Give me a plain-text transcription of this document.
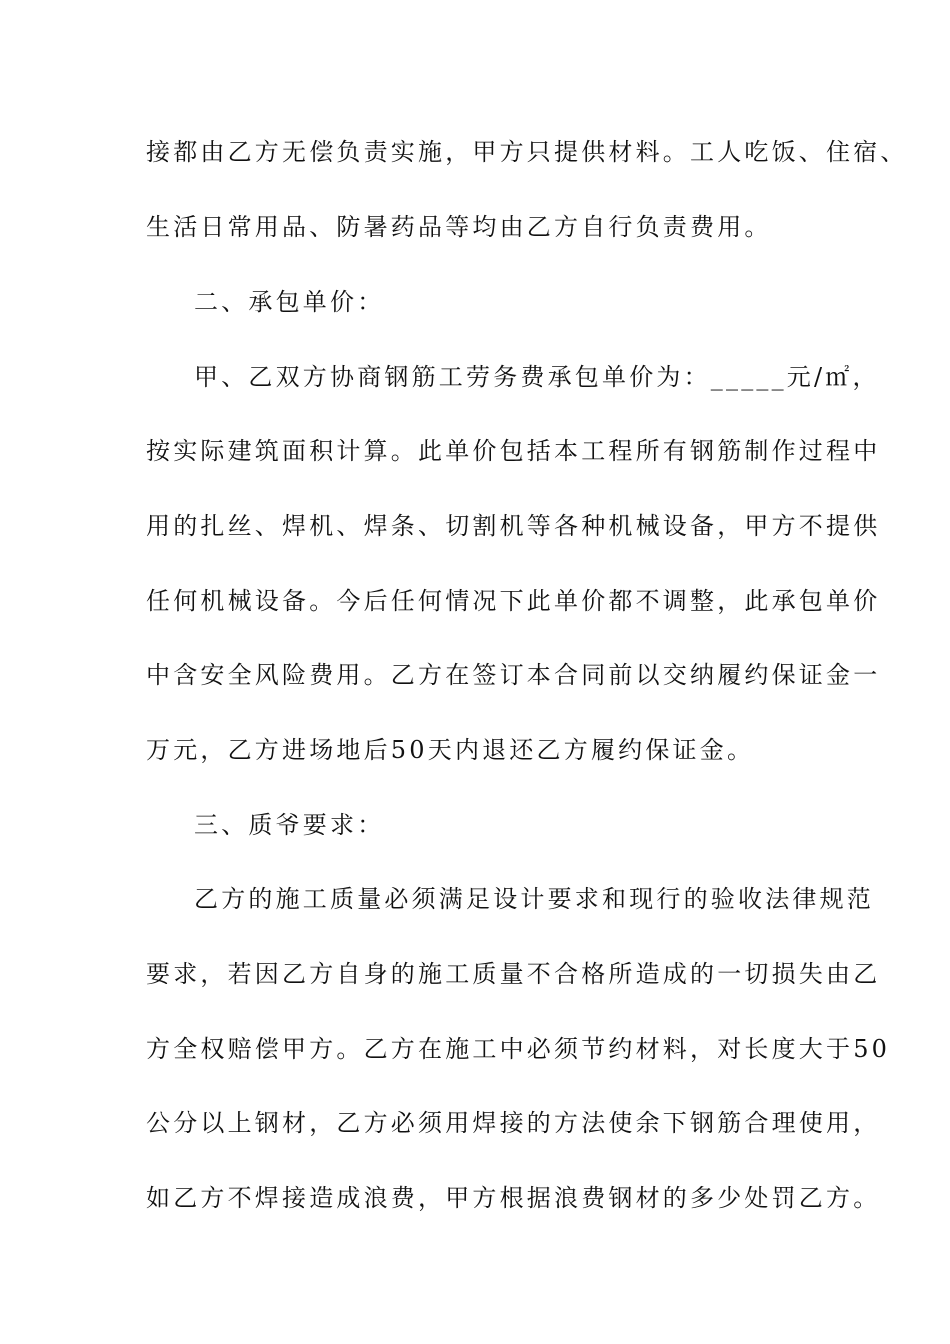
接都由乙方无偿负责实施，甲方只提供材料。工人吃饭、住宿、
生活日常用品、防暑药品等均由乙方自行负责费用。
二、承包单价：
甲、乙双方协商钢筋工劳务费承包单价为：_____元/㎡，
按实际建筑面积计算。此单价包括本工程所有钢筋制作过程中
用的扎丝、焊机、焊条、切割机等各种机械设备，甲方不提供
任何机械设备。今后任何情况下此单价都不调整，此承包单价
中含安全风险费用。乙方在签订本合同前以交纳履约保证金一
万元，乙方进场地后50天内退还乙方履约保证金。
三、质爷要求：
乙方的施工质量必须满足设计要求和现行的验收法律规范
要求，若因乙方自身的施工质量不合格所造成的一切损失由乙
方全权赔偿甲方。乙方在施工中必须节约材料，对长度大于50
公分以上钢材，乙方必须用焊接的方法使余下钢筋合理使用，
如乙方不焊接造成浪费，甲方根据浪费钢材的多少处罚乙方。
